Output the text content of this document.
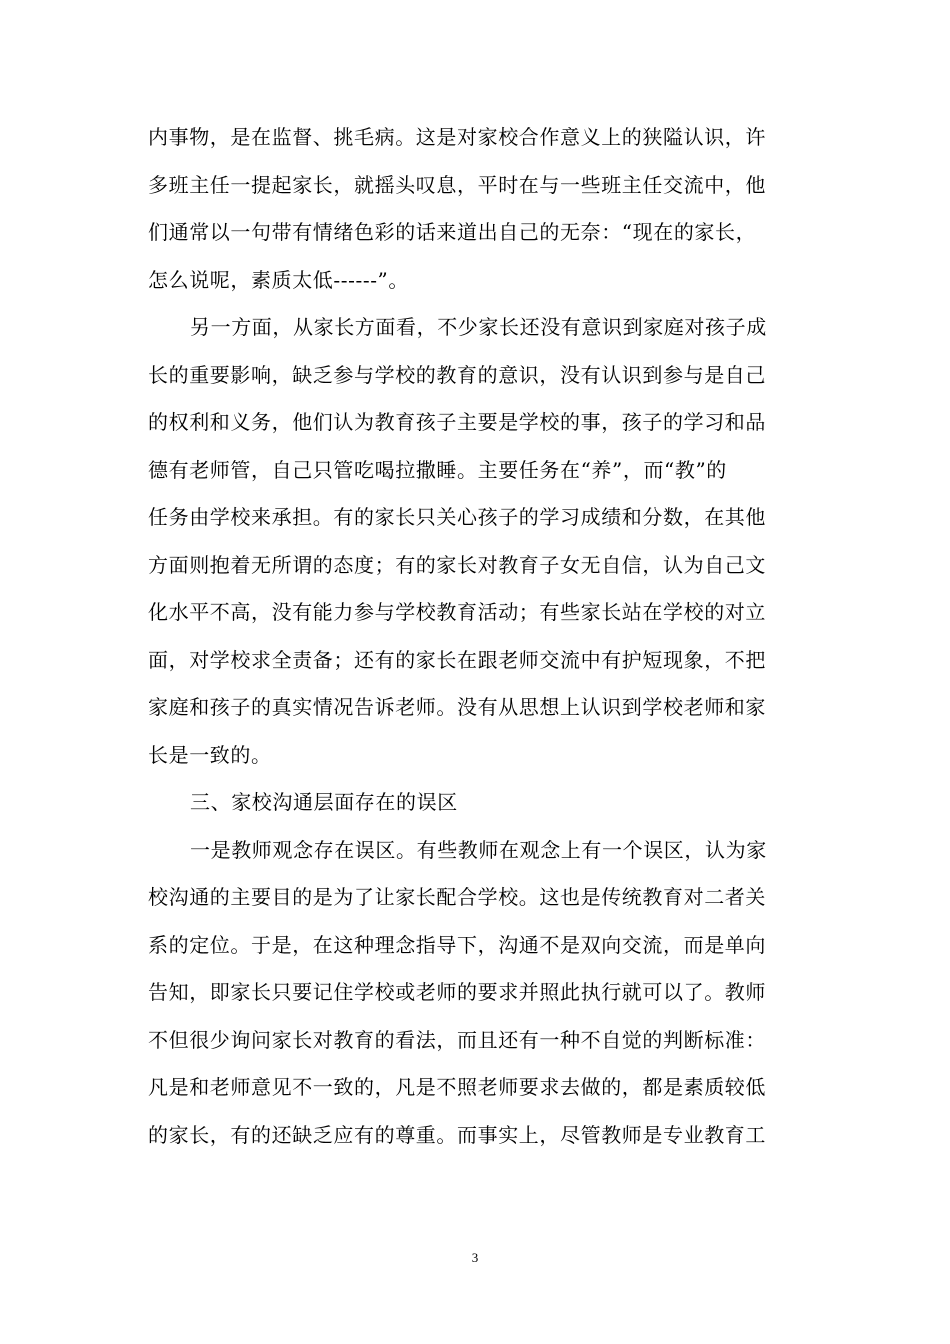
内事物，是在监督、挑毛病。这是对家校合作意义上的狭隘认识，许
多班主任一提起家长，就摇头叹息，平时在与一些班主任交流中，他
们通常以一句带有情绪色彩的话来道出自己的无奈：“现在的家长，
怎么说呢，素质太低------”。

另一方面，从家长方面看，不少家长还没有意识到家庭对孩子成
长的重要影响，缺乏参与学校的教育的意识，没有认识到参与是自己
的权利和义务，他们认为教育孩子主要是学校的事，孩子的学习和品
德有老师管，自己只管吃喝拉撒睡。主要任务在“养”，而“教”的
任务由学校来承担。有的家长只关心孩子的学习成绩和分数，在其他
方面则抱着无所谓的态度；有的家长对教育子女无自信，认为自己文
化水平不高，没有能力参与学校教育活动；有些家长站在学校的对立
面，对学校求全责备；还有的家长在跟老师交流中有护短现象，不把
家庭和孩子的真实情况告诉老师。没有从思想上认识到学校老师和家
长是一致的。

三、家校沟通层面存在的误区

一是教师观念存在误区。有些教师在观念上有一个误区，认为家
校沟通的主要目的是为了让家长配合学校。这也是传统教育对二者关
系的定位。于是，在这种理念指导下，沟通不是双向交流，而是单向
告知，即家长只要记住学校或老师的要求并照此执行就可以了。教师
不但很少询问家长对教育的看法，而且还有一种不自觉的判断标准：
凡是和老师意见不一致的，凡是不照老师要求去做的，都是素质较低
的家长，有的还缺乏应有的尊重。而事实上，尽管教师是专业教育工

3
